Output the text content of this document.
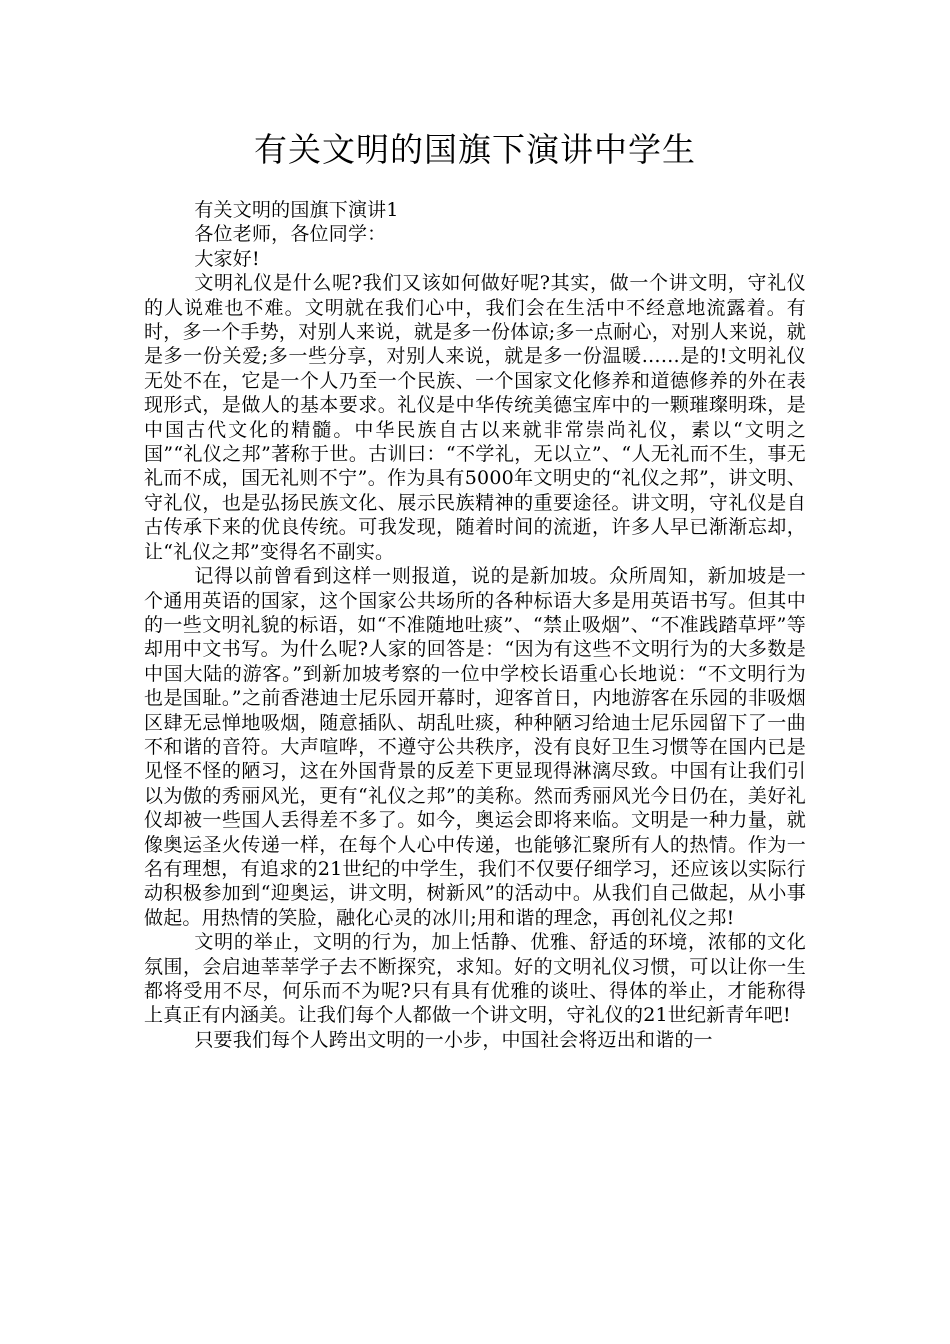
有关文明的国旗下演讲中学生

有关文明的国旗下演讲1

各位老师，各位同学：

大家好!

文明礼仪是什么呢?我们又该如何做好呢?其实，做一个讲文明，守礼仪的人说难也不难。文明就在我们心中，我们会在生活中不经意地流露着。有时，多一个手势，对别人来说，就是多一份体谅;多一点耐心，对别人来说，就是多一份关爱;多一些分享，对别人来说，就是多一份温暖……是的!文明礼仪无处不在，它是一个人乃至一个民族、一个国家文化修养和道德修养的外在表现形式，是做人的基本要求。礼仪是中华传统美德宝库中的一颗璀璨明珠，是中国古代文化的精髓。中华民族自古以来就非常崇尚礼仪，素以“文明之国”“礼仪之邦”著称于世。古训曰：“不学礼，无以立”、“人无礼而不生，事无礼而不成，国无礼则不宁”。作为具有5000年文明史的“礼仪之邦”，讲文明、守礼仪，也是弘扬民族文化、展示民族精神的重要途径。讲文明，守礼仪是自古传承下来的优良传统。可我发现，随着时间的流逝，许多人早已渐渐忘却，让“礼仪之邦”变得名不副实。

记得以前曾看到这样一则报道，说的是新加坡。众所周知，新加坡是一个通用英语的国家，这个国家公共场所的各种标语大多是用英语书写。但其中的一些文明礼貌的标语，如“不准随地吐痰”、“禁止吸烟”、“不准践踏草坪”等却用中文书写。为什么呢?人家的回答是：“因为有这些不文明行为的大多数是中国大陆的游客。”到新加坡考察的一位中学校长语重心长地说：“不文明行为也是国耻。”之前香港迪士尼乐园开幕时，迎客首日，内地游客在乐园的非吸烟区肆无忌惮地吸烟，随意插队、胡乱吐痰，种种陋习给迪士尼乐园留下了一曲不和谐的音符。大声喧哗，不遵守公共秩序，没有良好卫生习惯等在国内已是见怪不怪的陋习，这在外国背景的反差下更显现得淋漓尽致。中国有让我们引以为傲的秀丽风光，更有“礼仪之邦”的美称。然而秀丽风光今日仍在，美好礼仪却被一些国人丢得差不多了。如今，奥运会即将来临。文明是一种力量，就像奥运圣火传递一样，在每个人心中传递，也能够汇聚所有人的热情。作为一名有理想，有追求的21世纪的中学生，我们不仅要仔细学习，还应该以实际行动积极参加到“迎奥运，讲文明，树新风”的活动中。从我们自己做起，从小事做起。用热情的笑脸，融化心灵的冰川;用和谐的理念，再创礼仪之邦!

文明的举止，文明的行为，加上恬静、优雅、舒适的环境，浓郁的文化氛围，会启迪莘莘学子去不断探究，求知。好的文明礼仪习惯，可以让你一生都将受用不尽，何乐而不为呢?只有具有优雅的谈吐、得体的举止，才能称得上真正有内涵美。让我们每个人都做一个讲文明，守礼仪的21世纪新青年吧!

只要我们每个人跨出文明的一小步，中国社会将迈出和谐的一
